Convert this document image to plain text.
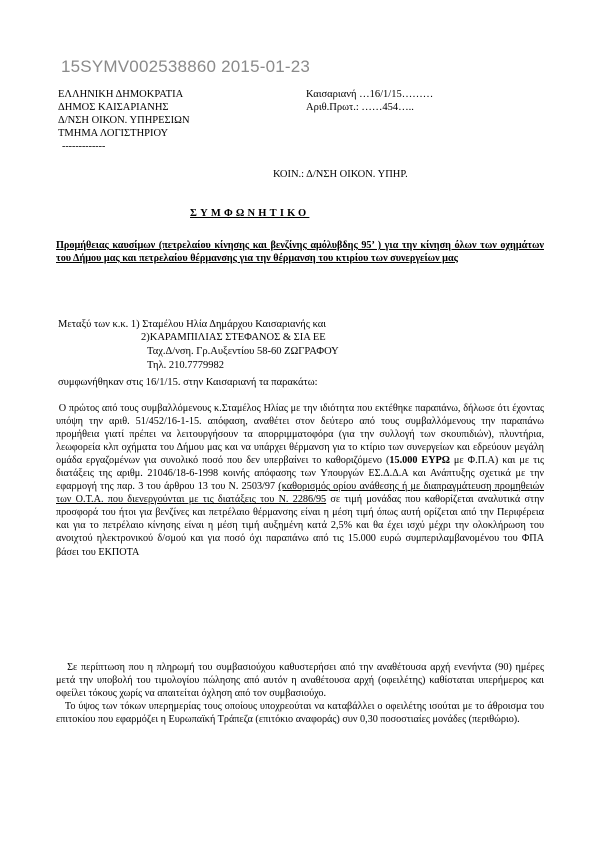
15SYMV002538860 2015-01-23
ΕΛΛΗΝΙΚΗ ΔΗΜΟΚΡΑΤΙΑ
ΔΗΜΟΣ ΚΑΙΣΑΡΙΑΝΗΣ
Δ/ΝΣΗ ΟΙΚΟΝ. ΥΠΗΡΕΣΙΩΝ
ΤΜΗΜΑ ΛΟΓΙΣΤΗΡΙΟΥ
Καισαριανή …16/1/15………
Αριθ.Πρωτ.: ……454…..
-------------
ΚΟΙΝ.: Δ/ΝΣΗ ΟΙΚΟΝ. ΥΠΗΡ.
ΣΥΜΦΩΝΗΤΙΚΟ
Προμήθειας καυσίμων (πετρελαίου κίνησης και βενζίνης αμόλυβδης 95’ ) για την κίνηση όλων των οχημάτων του Δήμου μας και πετρελαίου θέρμανσης για την θέρμανση του κτιρίου των συνεργείων μας
Μεταξύ των κ.κ. 1) Σταμέλου Ηλία Δημάρχου Καισαριανής και
2)ΚΑΡΑΜΠΙΛΙΑΣ ΣΤΕΦΑΝΟΣ & ΣΙΑ ΕΕ
Ταχ.Δ/νση. Γρ.Αυξεντίου 58-60 ΖΩΓΡΑΦΟΥ
Τηλ. 210.7779982
συμφωνήθηκαν στις 16/1/15. στην Καισαριανή τα παρακάτω:

Ο πρώτος από τους συμβαλλόμενους κ.Σταμέλος Ηλίας με την ιδιότητα που εκτέθηκε παραπάνω, δήλωσε ότι έχοντας υπόψη την αριθ. 51/452/16-1-15. απόφαση, αναθέτει στον δεύτερο από τους συμβαλλόμενους την παραπάνω προμήθεια γιατί πρέπει να λειτουργήσουν τα απορριμματοφόρα (για την συλλογή των σκουπιδιών), πλυντήρια, λεωφορεία κλπ οχήματα του Δήμου μας και να υπάρχει θέρμανση για το κτίριο των συνεργείων και εδρεύουν μεγάλη ομάδα εργαζομένων για συνολικό ποσό που δεν υπερβαίνει το καθοριζόμενο (15.000 ΕΥΡΩ με Φ.Π.Α) και με τις διατάξεις της αριθμ. 21046/18-6-1998 κοινής απόφασης των Υπουργών ΕΣ.Δ.Δ.Α και Ανάπτυξης σχετικά με την εφαρμογή της παρ. 3 του άρθρου 13 του Ν. 2503/97 (καθορισμός ορίου ανάθεσης ή με διαπραγμάτευση προμηθειών των Ο.Τ.Α. που διενεργούνται με τις διατάξεις του Ν. 2286/95 σε τιμή μονάδας που καθορίζεται αναλυτικά στην προσφορά του ήτοι για βενζίνες και πετρέλαιο θέρμανσης είναι η μέση τιμή όπως αυτή ορίζεται από την Περιφέρεια και για το πετρέλαιο κίνησης είναι η μέση τιμή αυξημένη κατά 2,5% και θα έχει ισχύ μέχρι την ολοκλήρωση του ανοιχτού ηλεκτρονικού δ/σμού και για ποσό όχι παραπάνω από τις 15.000 ευρώ συμπεριλαμβανομένου του ΦΠΑ βάσει του ΕΚΠΟΤΑ

Σε περίπτωση που η πληρωμή του συμβασιούχου καθυστερήσει από την αναθέτουσα αρχή ενενήντα (90) ημέρες μετά την υποβολή του τιμολογίου πώλησης από αυτόν η αναθέτουσα αρχή (οφειλέτης) καθίσταται υπερήμερος και οφείλει τόκους χωρίς να απαιτείται όχληση από τον συμβασιούχο.

Το ύψος των τόκων υπερημερίας τους οποίους υποχρεούται να καταβάλλει ο οφειλέτης ισούται με το άθροισμα του επιτοκίου που εφαρμόζει η Ευρωπαϊκή Τράπεζα (επιτόκιο αναφοράς) συν 0,30 ποσοστιαίες μονάδες (περιθώριο).
